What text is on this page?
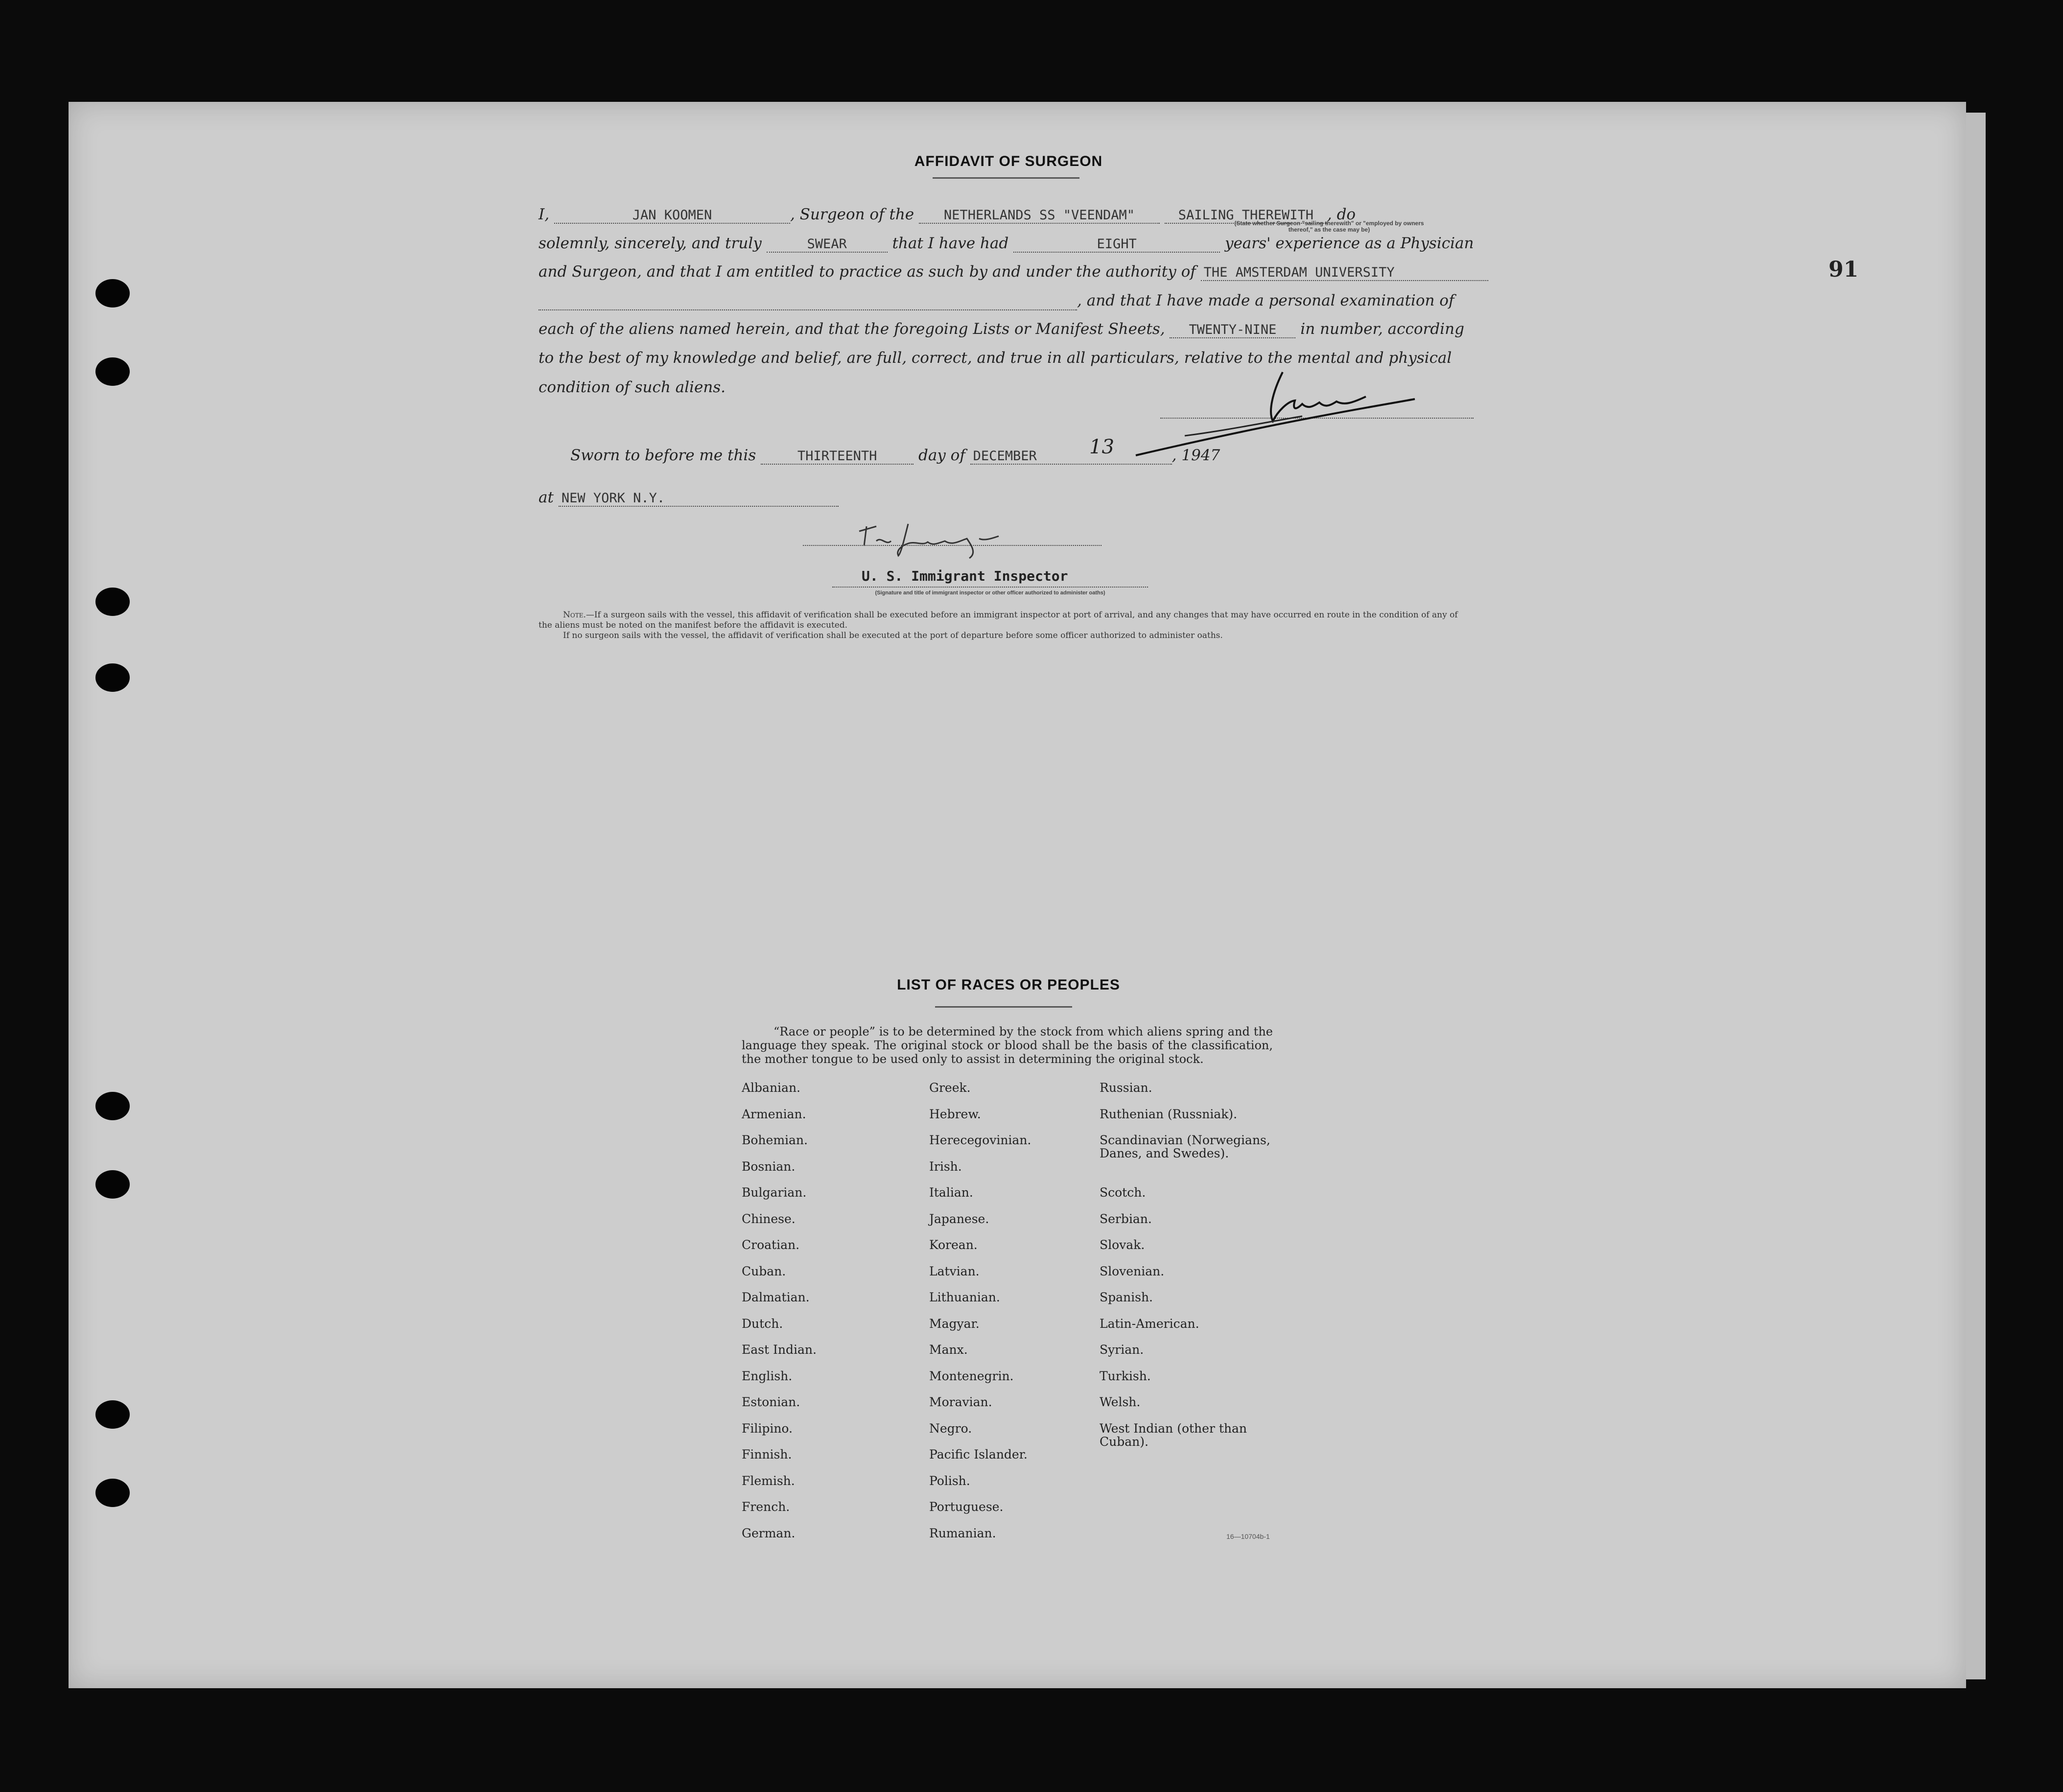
91
AFFIDAVIT OF SURGEON
I,	JAN KOOMEN	, Surgeon of the NETHERLANDS SS "VEENDAM"	SAILING THEREWITH , do
(State whether Surgeon "sailing therewith" or "employed by owners thereof," as the case may be)
solemnly, sincerely, and truly	SWEAR	that I have had	EIGHT	years' experience as a Physician
and Surgeon, and that I am entitled to practice as such by and under the authority of THE AMSTERDAM UNIVERSITY
, and that I have made a personal examination of
each of the aliens named herein, and that the foregoing Lists or Manifest Sheets, TWENTY-NINE in number, according
to the best of my knowledge and belief, are full, correct, and true in all particulars, relative to the mental and physical
condition of such aliens.
Sworn to before me this	THIRTEENTH	day of DECEMBER	, 1947
13
at NEW YORK N.Y.
U. S. Immigrant Inspector
(Signature and title of immigrant inspector or other officer authorized to administer oaths)
Note.—If a surgeon sails with the vessel, this affidavit of verification shall be executed before an immigrant inspector at port of arrival, and any changes that may have occurred en route in the condition of any of the aliens must be noted on the manifest before the affidavit is executed.
If no surgeon sails with the vessel, the affidavit of verification shall be executed at the port of departure before some officer authorized to administer oaths.
LIST OF RACES OR PEOPLES
“Race or people” is to be determined by the stock from which aliens spring and the language they speak. The original stock or blood shall be the basis of the classification, the mother tongue to be used only to assist in determining the original stock.
Albanian.
Armenian.
Bohemian.
Bosnian.
Bulgarian.
Chinese.
Croatian.
Cuban.
Dalmatian.
Dutch.
East Indian.
English.
Estonian.
Filipino.
Finnish.
Flemish.
French.
German.
Greek.
Hebrew.
Herecegovinian.
Irish.
Italian.
Japanese.
Korean.
Latvian.
Lithuanian.
Magyar.
Manx.
Montenegrin.
Moravian.
Negro.
Pacific Islander.
Polish.
Portuguese.
Rumanian.
Russian.
Ruthenian (Russniak).
Scandinavian (Norwegians,
Danes, and Swedes).
Scotch.
Serbian.
Slovak.
Slovenian.
Spanish.
Latin-American.
Syrian.
Turkish.
Welsh.
West Indian (other than
Cuban).
16—10704b-1
